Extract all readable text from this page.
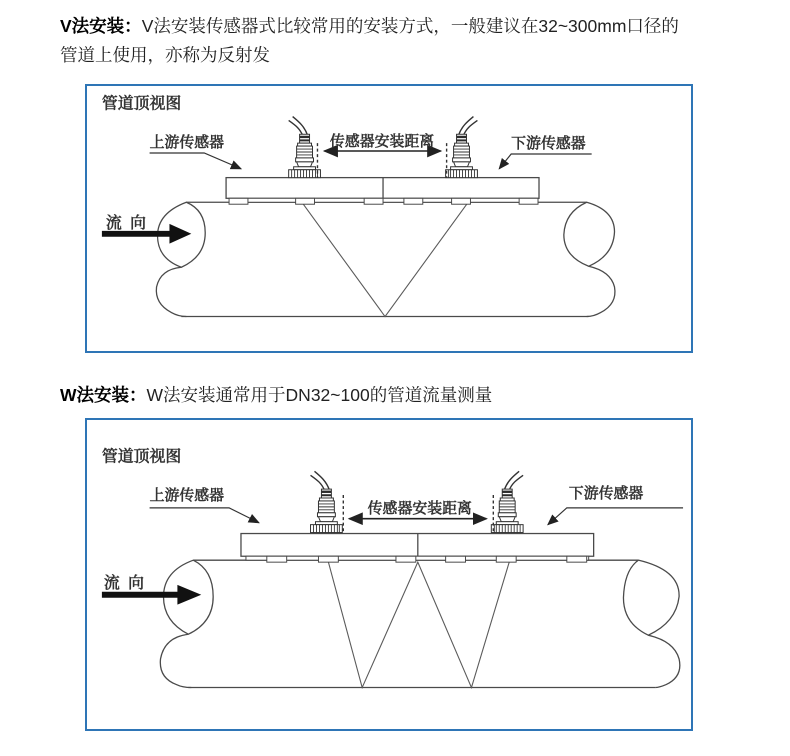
V法安装：V法安装传感器式比较常用的安装方式，一般建议在32~300mm口径的
管道上使用，亦称为反射发
管道顶视图
上游传感器	传感器安装距离	下游传感器
流 向
W法安装：W法安装通常用于DN32~100的管道流量测量
管道顶视图
上游传感器
传感器安装距离
下游传感器
流 向
